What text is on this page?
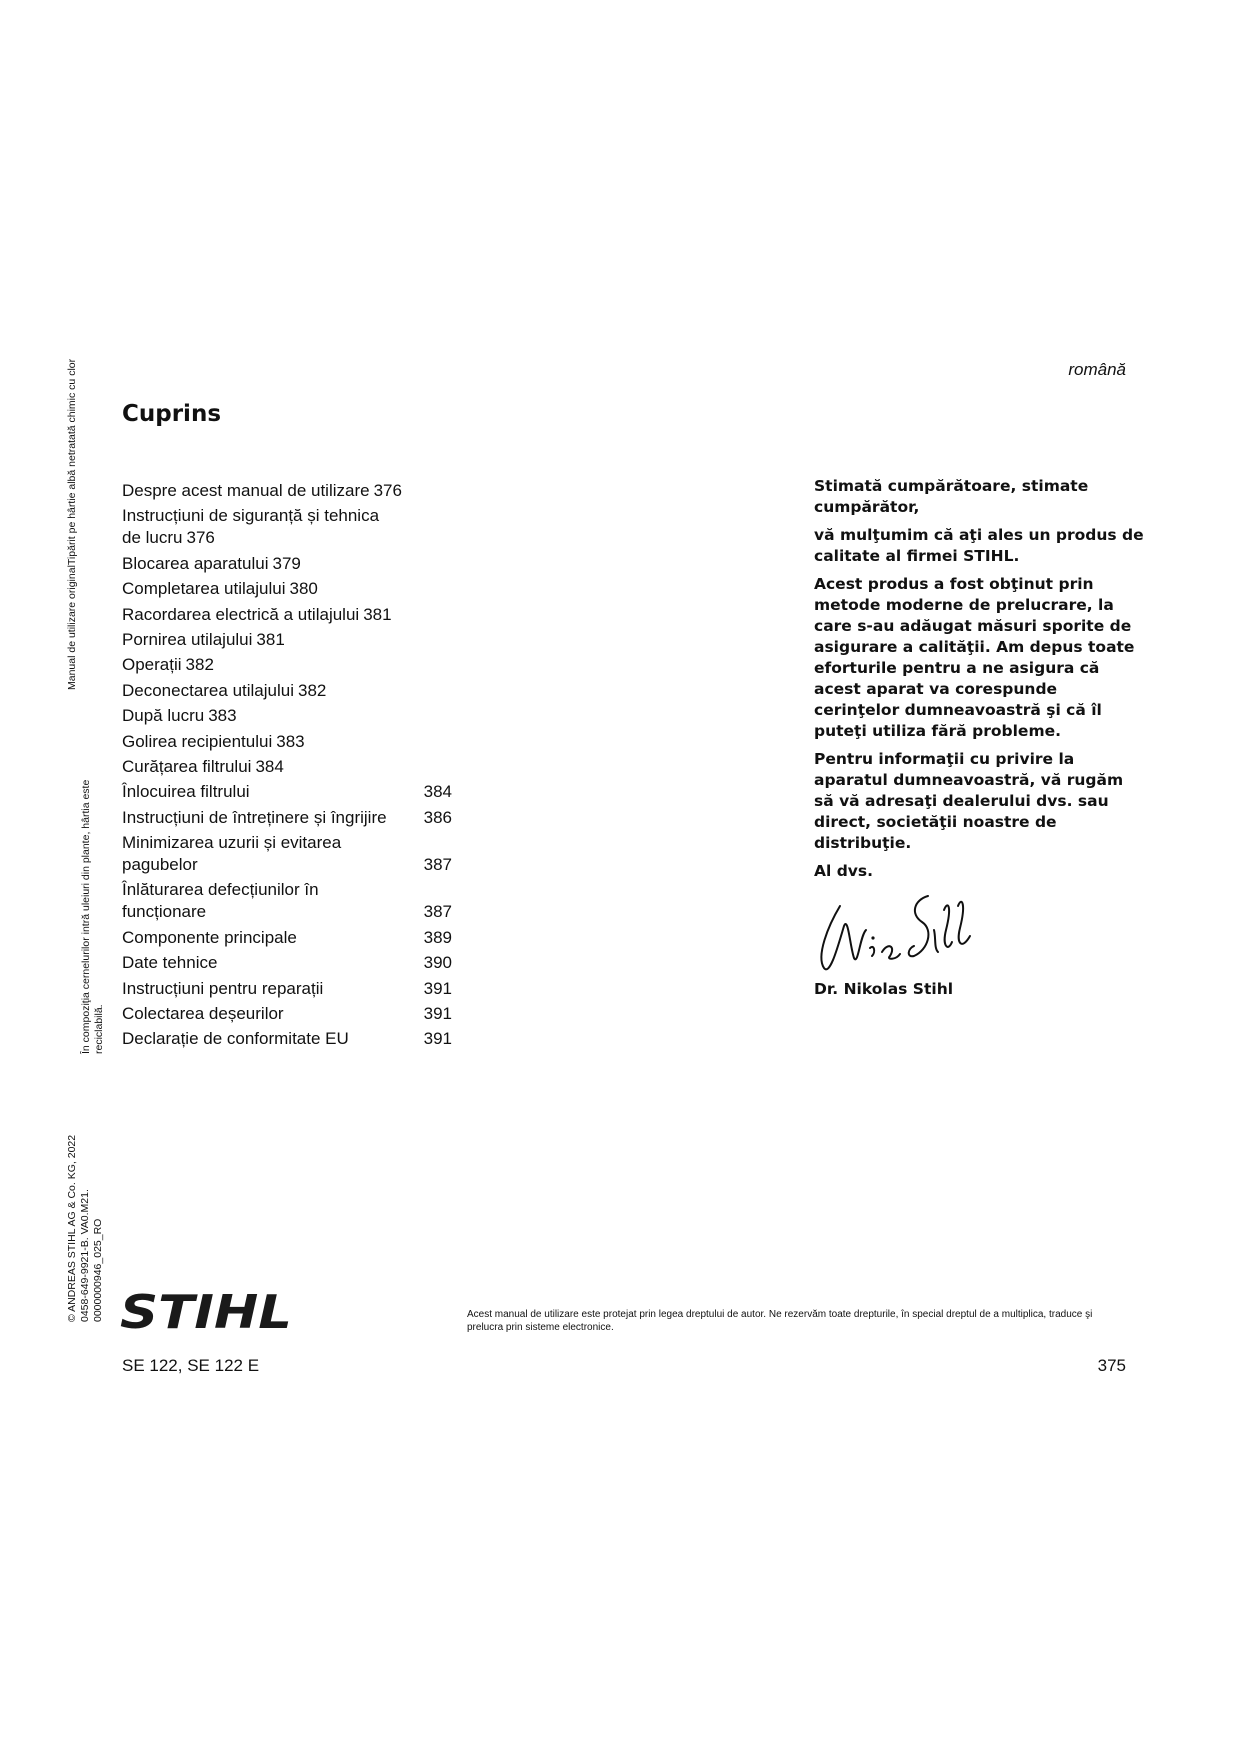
română
Cuprins
Despre acest manual de utilizare 376
Instrucțiuni de siguranță și tehnica de lucru 376
Blocarea aparatului 379
Completarea utilajului 380
Racordarea electrică a utilajului 381
Pornirea utilajului 381
Operații 382
Deconectarea utilajului 382
După lucru 383
Golirea recipientului 383
Curățarea filtrului 384
Înlocuirea filtrului	384
Instrucțiuni de întreținere și îngrijire 386
Minimizarea uzurii și evitarea pagubelor	387
Înlăturarea defecțiunilor în funcționare	387
Componente principale	389
Date tehnice	390
Instrucțiuni pentru reparații	391
Colectarea deșeurilor	391
Declarație de conformitate EU	391

Stimată cumpărătoare, stimate cumpărător,

vă mulţumim că aţi ales un produs de calitate al firmei STIHL.

Acest produs a fost obţinut prin metode moderne de prelucrare, la care s-au adăugat măsuri sporite de asigurare a calităţii. Am depus toate eforturile pentru a ne asigura că acest aparat va corespunde cerinţelor dumneavoastră şi că îl puteţi utiliza fără probleme.

Pentru informaţii cu privire la aparatul dumneavoastră, vă rugăm să vă adresaţi dealerului dvs. sau direct, societăţii noastre de distribuţie.

Al dvs.

Dr. Nikolas Stihl
Manual de utilizare originalTipărit pe hârtie albă netratată chimic cu clor
În compoziţia cernelurilor intră uleiuri din plante, hârtia este reciclabilă.
© ANDREAS STIHL AG & Co. KG, 2022 0458-649-9921-B. VA0.M21. 0000000946_025_RO STIHL	Acest manual de utilizare este protejat prin legea dreptului de autor. Ne rezervăm toate drepturile, în special dreptul de a multiplica, traduce şi prelucra prin sisteme electronice.
SE 122, SE 122 E	375
